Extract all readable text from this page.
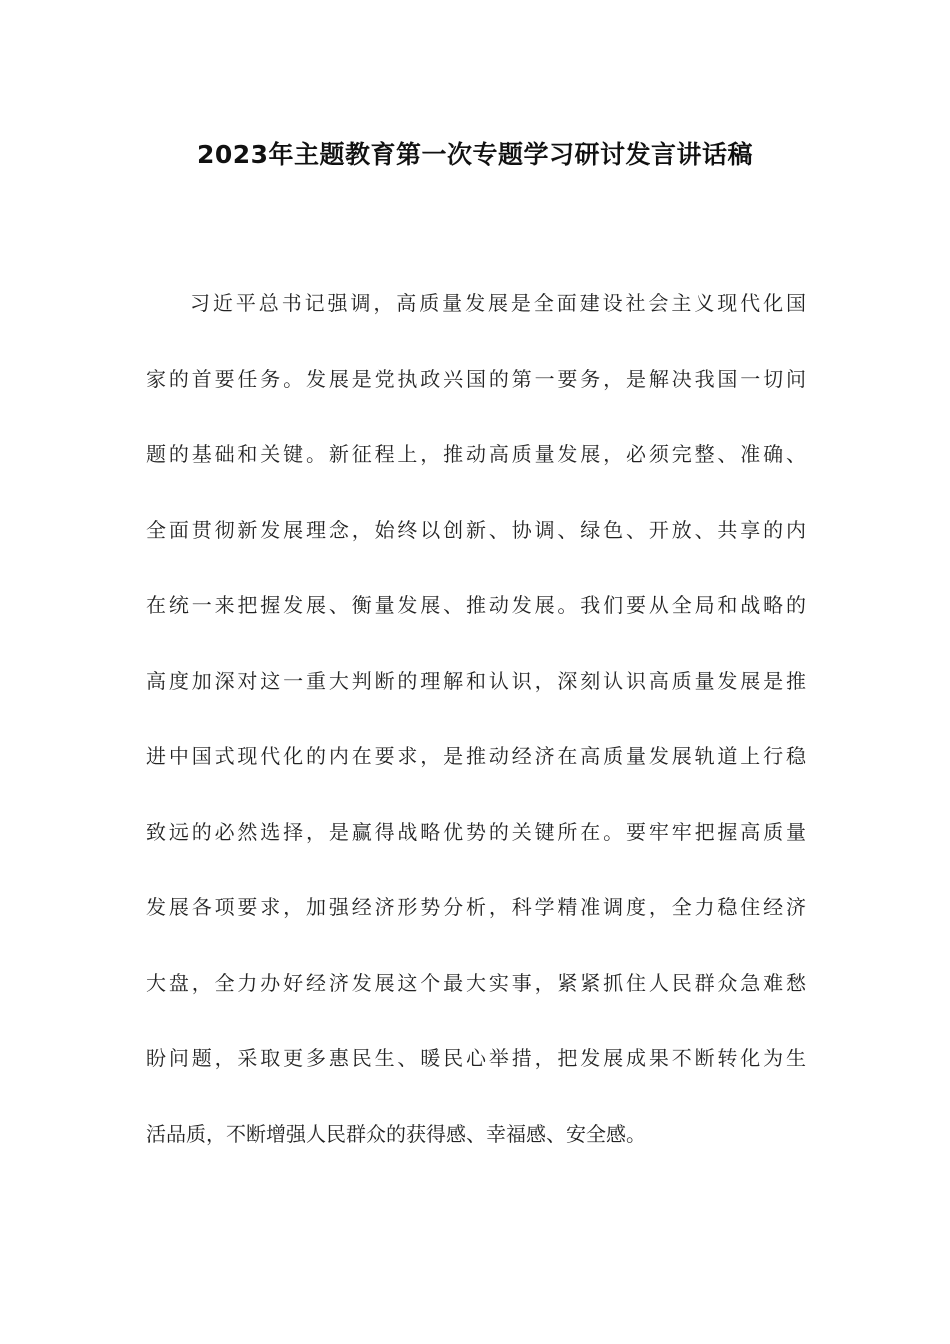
2023年主题教育第一次专题学习研讨发言讲话稿
习近平总书记强调，高质量发展是全面建设社会主义现代化国
家的首要任务。发展是党执政兴国的第一要务，是解决我国一切问
题的基础和关键。新征程上，推动高质量发展，必须完整、准确、
全面贯彻新发展理念，始终以创新、协调、绿色、开放、共享的内
在统一来把握发展、衡量发展、推动发展。我们要从全局和战略的
高度加深对这一重大判断的理解和认识，深刻认识高质量发展是推
进中国式现代化的内在要求，是推动经济在高质量发展轨道上行稳
致远的必然选择，是赢得战略优势的关键所在。要牢牢把握高质量
发展各项要求，加强经济形势分析，科学精准调度，全力稳住经济
大盘，全力办好经济发展这个最大实事，紧紧抓住人民群众急难愁
盼问题，采取更多惠民生、暖民心举措，把发展成果不断转化为生
活品质，不断增强人民群众的获得感、幸福感、安全感。
